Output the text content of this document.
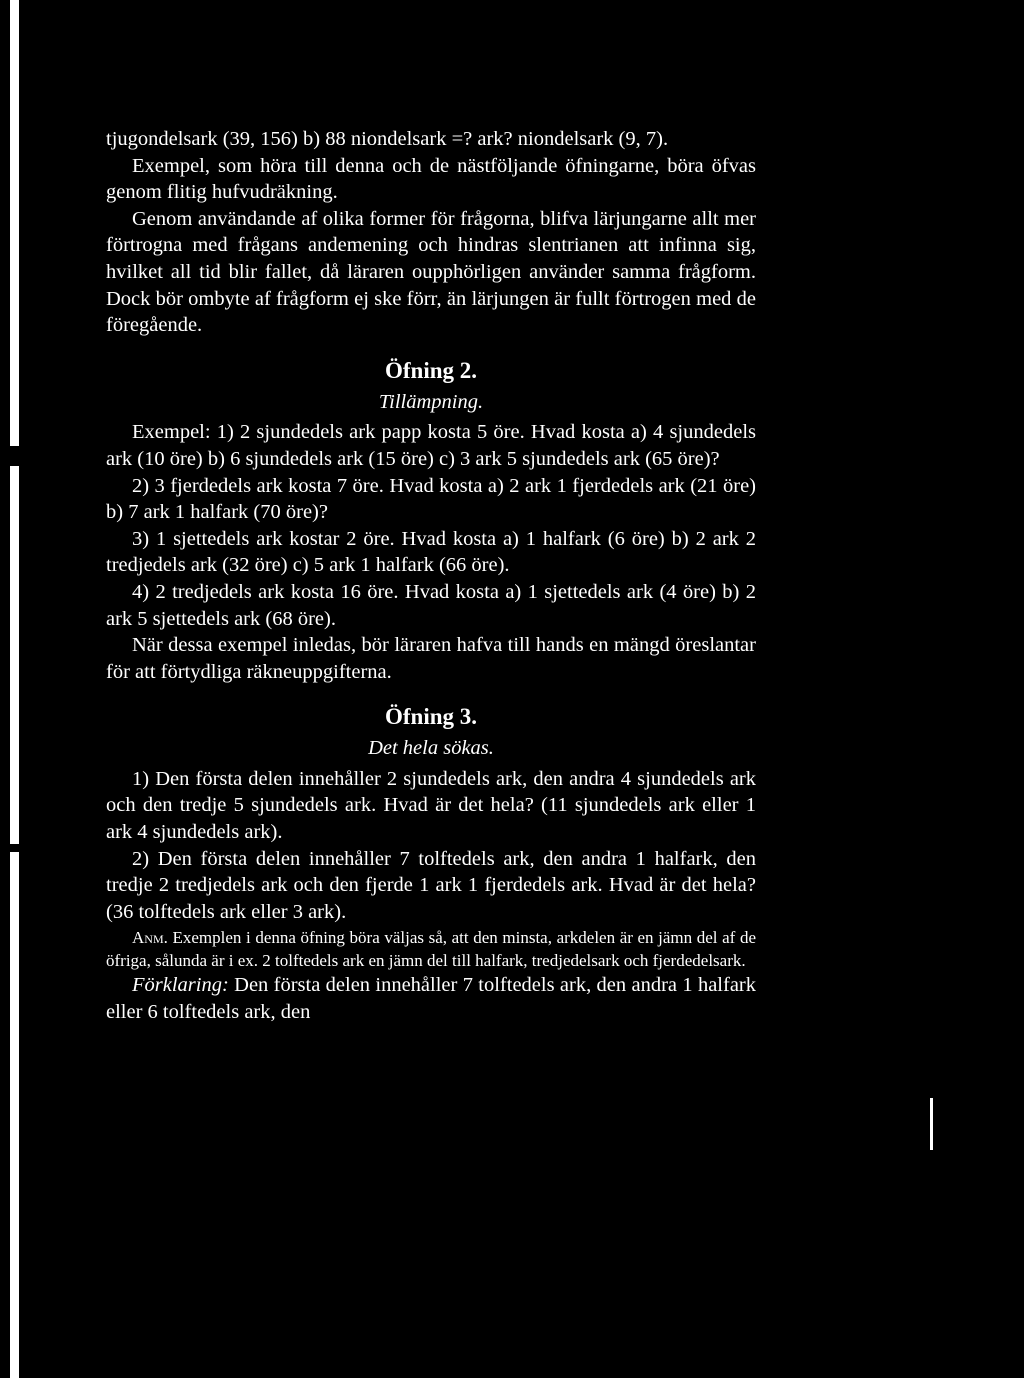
tjugondelsark (39, 156) b) 88 niondelsark =? ark? niondelsark (9, 7).

Exempel, som höra till denna och de nästföljande öfningarne, böra öfvas genom flitig hufvudräkning.

Genom användande af olika former för frågorna, blifva lärjungarne allt mer förtrogna med frågans andemening och hindras slentrianen att infinna sig, hvilket all tid blir fallet, då läraren oupphörligen använder samma frågform. Dock bör ombyte af frågform ej ske förr, än lärjungen är fullt förtrogen med de föregående.

Öfning 2.

Tillämpning.

Exempel: 1) 2 sjundedels ark papp kosta 5 öre. Hvad kosta a) 4 sjundedels ark (10 öre) b) 6 sjundedels ark (15 öre) c) 3 ark 5 sjundedels ark (65 öre)?

2) 3 fjerdedels ark kosta 7 öre. Hvad kosta a) 2 ark 1 fjerdedels ark (21 öre) b) 7 ark 1 halfark (70 öre)?

3) 1 sjettedels ark kostar 2 öre. Hvad kosta a) 1 halfark (6 öre) b) 2 ark 2 tredjedels ark (32 öre) c) 5 ark 1 halfark (66 öre).

4) 2 tredjedels ark kosta 16 öre. Hvad kosta a) 1 sjettedels ark (4 öre) b) 2 ark 5 sjettedels ark (68 öre).

När dessa exempel inledas, bör läraren hafva till hands en mängd öreslantar för att förtydliga räkneuppgifterna.

Öfning 3.

Det hela sökas.

1) Den första delen innehåller 2 sjundedels ark, den andra 4 sjundedels ark och den tredje 5 sjundedels ark. Hvad är det hela? (11 sjundedels ark eller 1 ark 4 sjundedels ark).

2) Den första delen innehåller 7 tolftedels ark, den andra 1 halfark, den tredje 2 tredjedels ark och den fjerde 1 ark 1 fjerdedels ark. Hvad är det hela? (36 tolftedels ark eller 3 ark).

Anm. Exemplen i denna öfning böra väljas så, att den minsta, arkdelen är en jämn del af de öfriga, sålunda är i ex. 2 tolftedels ark en jämn del till halfark, tredjedelsark och fjerdedelsark.

Förklaring: Den första delen innehåller 7 tolftedels ark, den andra 1 halfark eller 6 tolftedels ark, den
